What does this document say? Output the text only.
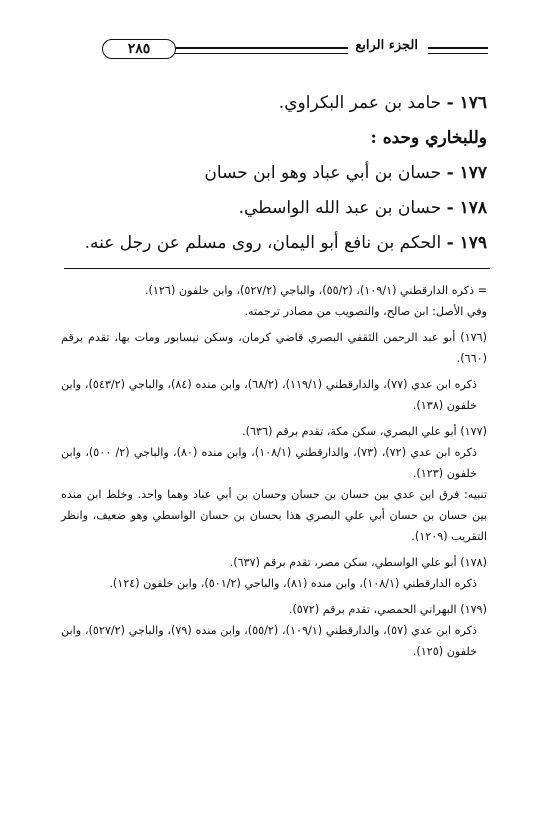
٢٨٥	الجزء الرابع
١٧٦ - حامد بن عمر البكراوي.
وللبخاري وحده :
١٧٧ - حسان بن أبي عباد وهو ابن حسان
١٧٨ - حسان بن عبد الله الواسطي.
١٧٩ - الحكم بن نافع أبو اليمان، روى مسلم عن رجل عنه.

= ذكره الدارقطني (١٠٩/١)، (٥٥/٢)، والباجي (٥٢٧/٢)، وابن خلفون (١٢٦).

وفي الأصل: ابن صالح، والتصويب من مصادر ترجمته.

(١٧٦) أبو عبد الرحمن الثقفي البصري قاضي كرمان، وسكن نيسابور ومات بها، تقدم برقم (٦٦٠).

ذكره ابن عدي (٧٧)، والدارقطني (١١٩/١)، (٦٨/٢)، وابن منده (٨٤)، والباجي (٥٤٣/٢)، وابن خلفون (١٣٨).

(١٧٧) أبو علي البصري، سكن مكة، تقدم برقم (٦٣٦).

ذكره ابن عدي (٧٢)، (٧٣)، والدارقطني (١٠٨/١)، وابن منده (٨٠)، والباجي (٢/ ٥٠٠)، وابن خلفون (١٢٣).

تنبيه: فرق ابن عدي بين حسان بن حسان وحسان بن أبي عباد وهما واحد. وخلط ابن منده بين حسان بن حسان أبي علي البصري هذا بحسان بن حسان الواسطي وهو ضعيف، وانظر التقريب (١٢٠٩).

(١٧٨) أبو علي الواسطي، سكن مصر، تقدم برقم (٦٣٧).

ذكره الدارقطني (١٠٨/١)، وابن منده (٨١)، والباجي (٥٠١/٢)، وابن خلفون (١٢٤).

(١٧٩) البهراني الحمصي، تقدم برقم (٥٧٢).

ذكره ابن عدي (٥٧)، والدارقطني (١٠٩/١)، (٥٥/٢)، وابن منده (٧٩)، والباجي (٥٢٧/٢)، وابن خلفون (١٢٥).
